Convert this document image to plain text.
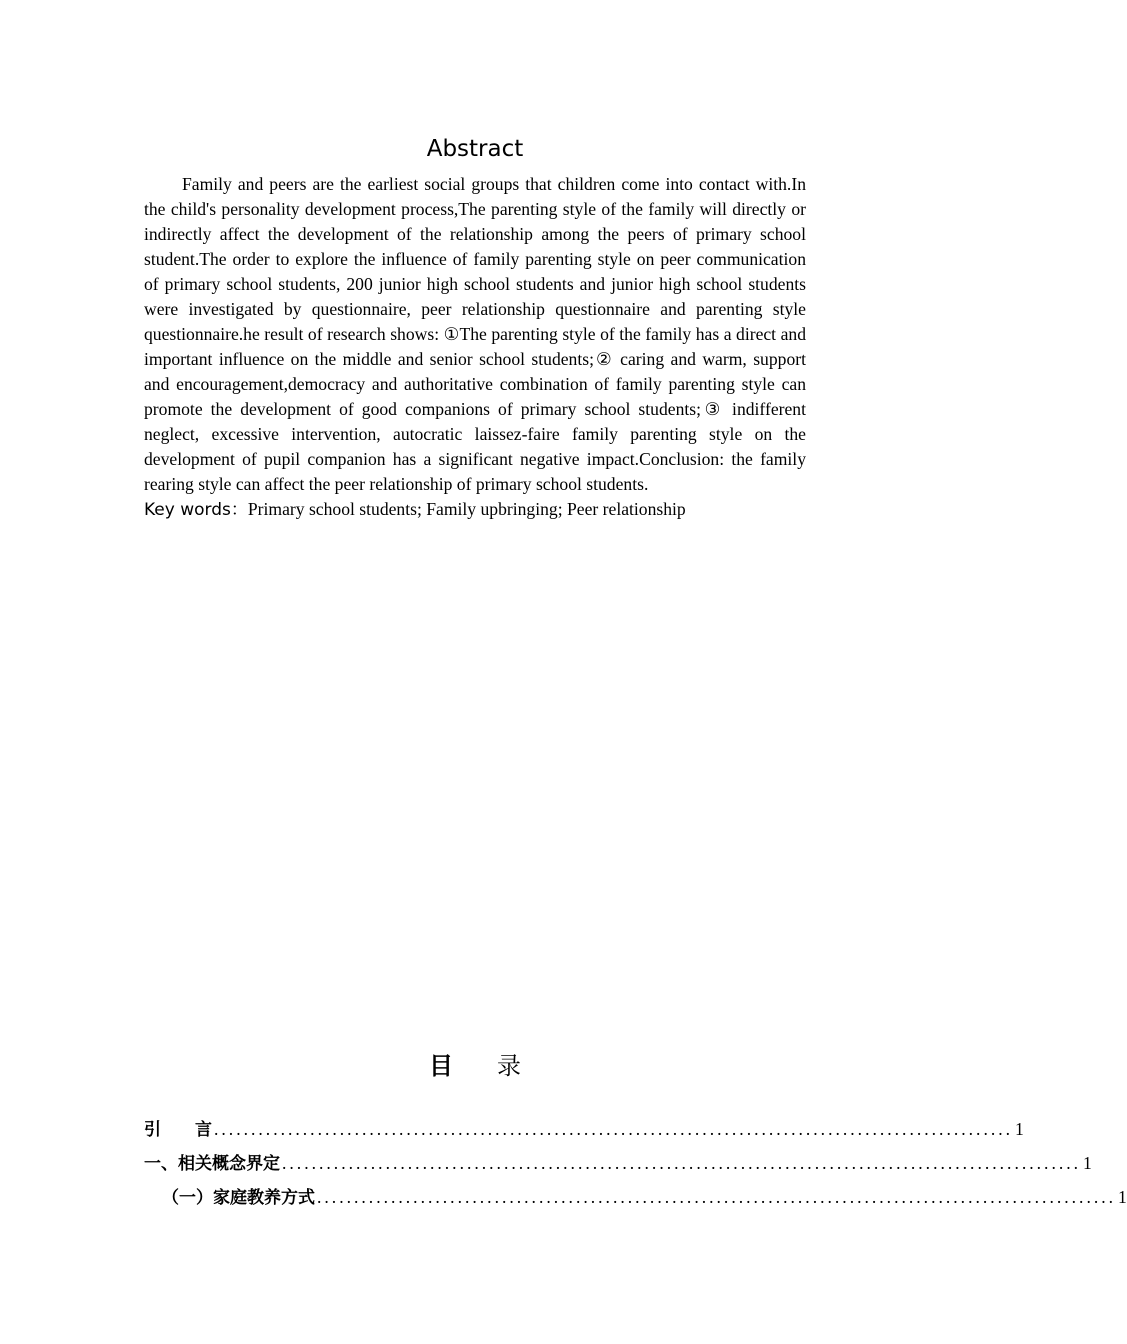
Abstract

Family and peers are the earliest social groups that children come into contact with.In the child's personality development process,The parenting style of the family will directly or indirectly affect the development of the relationship among the peers of primary school student.The order to explore the influence of family parenting style on peer communication of primary school students, 200 junior high school students and junior high school students were investigated by questionnaire, peer relationship questionnaire and parenting style questionnaire.he result of research shows: ①The parenting style of the family has a direct and important influence on the middle and senior school students;② caring and warm, support and encouragement,democracy and authoritative combination of family parenting style can promote the development of good companions of primary school students;③ indifferent neglect, excessive intervention, autocratic laissez-faire family parenting style on the development of pupil companion has a significant negative impact.Conclusion: the family rearing style can affect the peer relationship of primary school students.

Key words：Primary school students; Family upbringing; Peer relationship

目 录
引　　言 ............................................................................................................ 1
一、相关概念界定 ............................................................................................................ 1
（一）家庭教养方式 ............................................................................................................ 1
